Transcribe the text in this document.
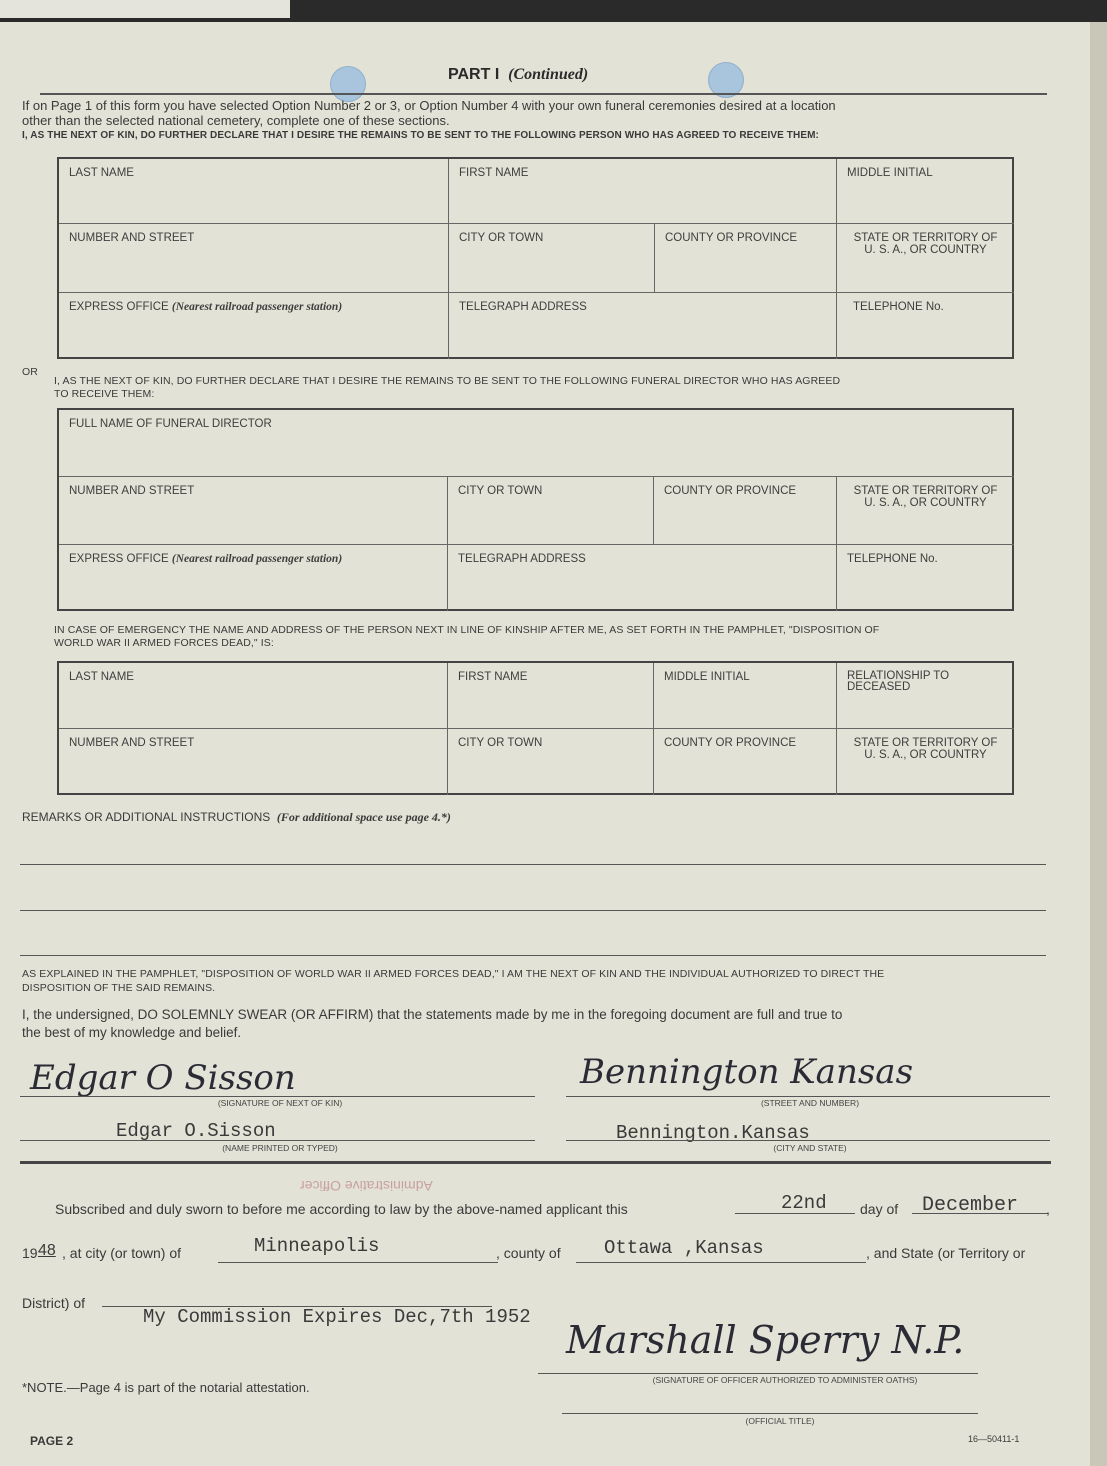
PART I (Continued)
If on Page 1 of this form you have selected Option Number 2 or 3, or Option Number 4 with your own funeral ceremonies desired at a location
other than the selected national cemetery, complete one of these sections.
I, AS THE NEXT OF KIN, DO FURTHER DECLARE THAT I DESIRE THE REMAINS TO BE SENT TO THE FOLLOWING PERSON WHO HAS AGREED TO RECEIVE THEM:
LAST NAME	FIRST NAME	MIDDLE INITIAL
NUMBER AND STREET	CITY OR TOWN	COUNTY OR PROVINCE	STATE OR TERRITORY OF
U. S. A., OR COUNTRY
EXPRESS OFFICE (Nearest railroad passenger station)	TELEGRAPH ADDRESS	TELEPHONE No.
OR
I, AS THE NEXT OF KIN, DO FURTHER DECLARE THAT I DESIRE THE REMAINS TO BE SENT TO THE FOLLOWING FUNERAL DIRECTOR WHO HAS AGREED
TO RECEIVE THEM:
FULL NAME OF FUNERAL DIRECTOR
NUMBER AND STREET	CITY OR TOWN	COUNTY OR PROVINCE	STATE OR TERRITORY OF
U. S. A., OR COUNTRY
EXPRESS OFFICE (Nearest railroad passenger station)	TELEGRAPH ADDRESS	TELEPHONE No.
IN CASE OF EMERGENCY THE NAME AND ADDRESS OF THE PERSON NEXT IN LINE OF KINSHIP AFTER ME, AS SET FORTH IN THE PAMPHLET, "DISPOSITION OF
WORLD WAR II ARMED FORCES DEAD," IS:
LAST NAME	FIRST NAME	MIDDLE INITIAL	RELATIONSHIP TO
DECEASED
NUMBER AND STREET	CITY OR TOWN	COUNTY OR PROVINCE	STATE OR TERRITORY OF
U. S. A., OR COUNTRY
REMARKS OR ADDITIONAL INSTRUCTIONS (For additional space use page 4.*)
AS EXPLAINED IN THE PAMPHLET, "DISPOSITION OF WORLD WAR II ARMED FORCES DEAD," I AM THE NEXT OF KIN AND THE INDIVIDUAL AUTHORIZED TO DIRECT THE
DISPOSITION OF THE SAID REMAINS.
I, the undersigned, DO SOLEMNLY SWEAR (OR AFFIRM) that the statements made by me in the foregoing document are full and true to
the best of my knowledge and belief.
Edgar O Sisson
(SIGNATURE OF NEXT OF KIN)
Bennington Kansas
(STREET AND NUMBER)
Edgar O.Sisson
(NAME PRINTED OR TYPED)
Bennington.Kansas
(CITY AND STATE)
Administrative Officer
Subscribed and duly sworn to before me according to law by the above-named applicant this	22nd day of December ,
19 48 , at city (or town) of	Minneapolis	, county of Ottawa ,Kansas	, and State (or Territory or
District) of
My Commission Expires Dec,7th 1952
Marshall Sperry N.P.
(SIGNATURE OF OFFICER AUTHORIZED TO ADMINISTER OATHS)
*NOTE.—Page 4 is part of the notarial attestation.
(OFFICIAL TITLE)
PAGE 2	16—50411-1
